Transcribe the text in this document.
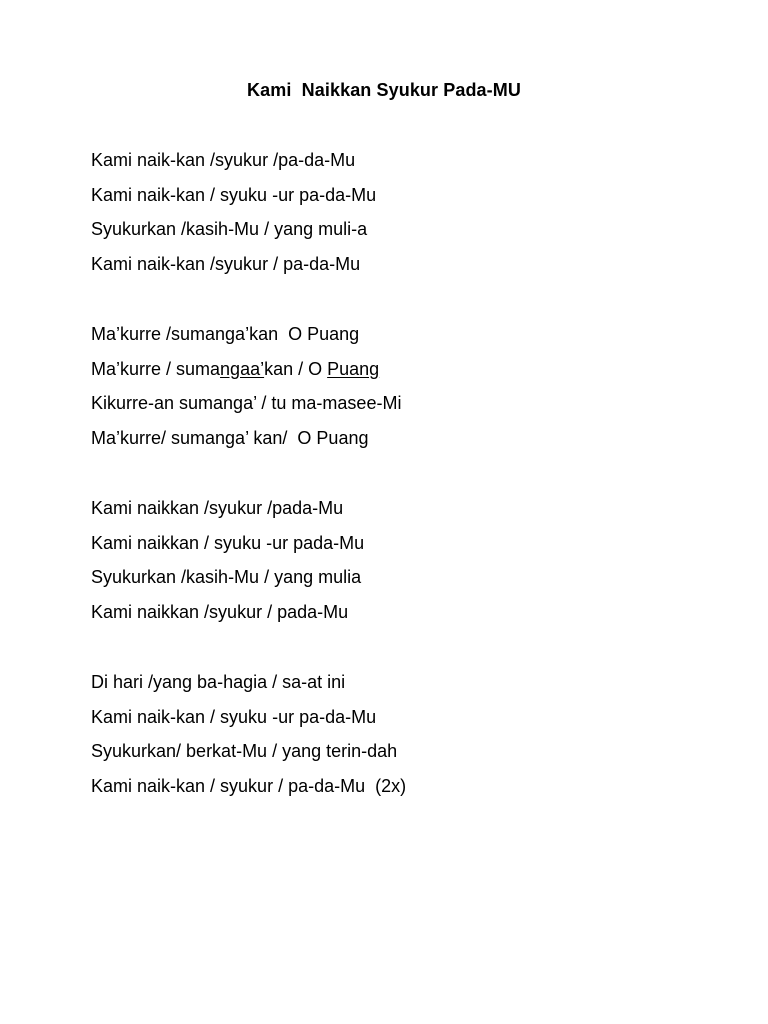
Kami  Naikkan Syukur Pada-MU
Kami naik-kan /syukur /pa-da-Mu
Kami naik-kan / syuku -ur pa-da-Mu
Syukurkan /kasih-Mu / yang muli-a
Kami naik-kan /syukur / pa-da-Mu
Ma’kurre /sumanga’kan  O Puang
Ma’kurre / sumangaa’kan / O Puang
Kikurre-an sumanga’ / tu ma-masee-Mi
Ma’kurre/ sumanga’ kan/  O Puang
Kami naikkan /syukur /pada-Mu
Kami naikkan / syuku -ur pada-Mu
Syukurkan /kasih-Mu / yang mulia
Kami naikkan /syukur / pada-Mu
Di hari /yang ba-hagia / sa-at ini
Kami naik-kan / syuku -ur pa-da-Mu
Syukurkan/ berkat-Mu / yang terin-dah
Kami naik-kan / syukur / pa-da-Mu  (2x)
